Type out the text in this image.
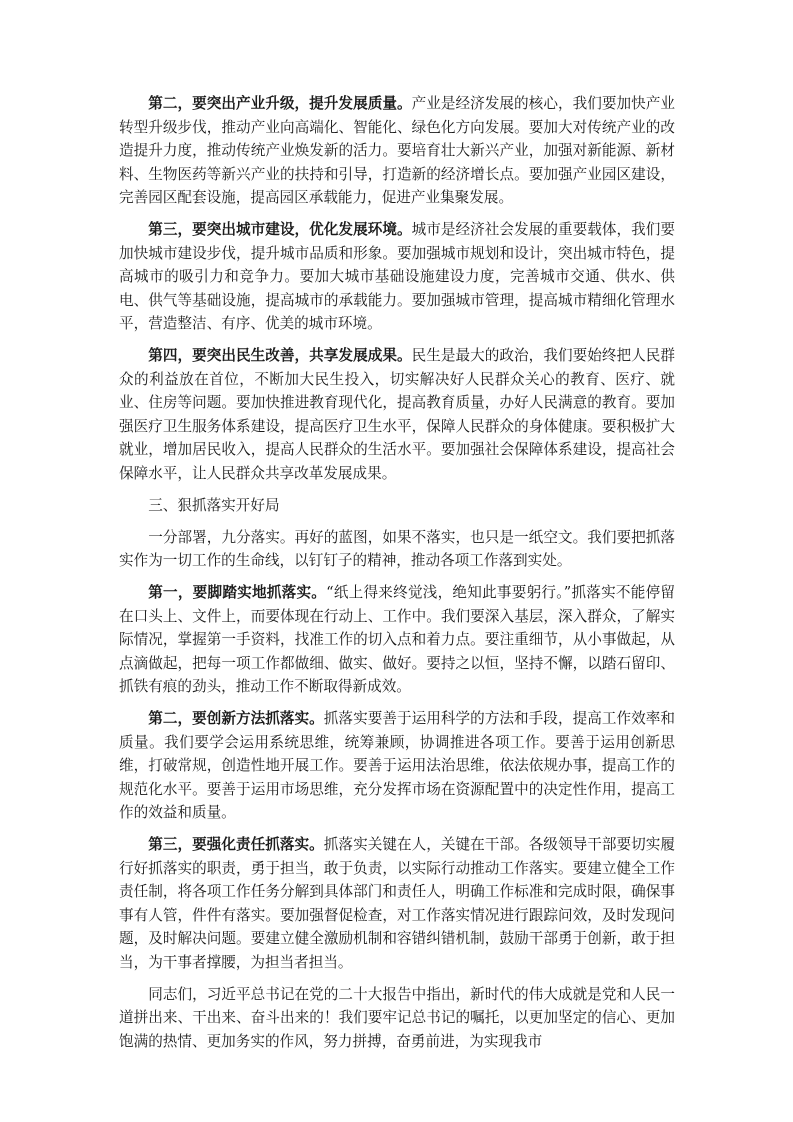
第二，要突出产业升级，提升发展质量。产业是经济发展的核心，我们要加快产业转型升级步伐，推动产业向高端化、智能化、绿色化方向发展。要加大对传统产业的改造提升力度，推动传统产业焕发新的活力。要培育壮大新兴产业，加强对新能源、新材料、生物医药等新兴产业的扶持和引导，打造新的经济增长点。要加强产业园区建设，完善园区配套设施，提高园区承载能力，促进产业集聚发展。

第三，要突出城市建设，优化发展环境。城市是经济社会发展的重要载体，我们要加快城市建设步伐，提升城市品质和形象。要加强城市规划和设计，突出城市特色，提高城市的吸引力和竞争力。要加大城市基础设施建设力度，完善城市交通、供水、供电、供气等基础设施，提高城市的承载能力。要加强城市管理，提高城市精细化管理水平，营造整洁、有序、优美的城市环境。

第四，要突出民生改善，共享发展成果。民生是最大的政治，我们要始终把人民群众的利益放在首位，不断加大民生投入，切实解决好人民群众关心的教育、医疗、就业、住房等问题。要加快推进教育现代化，提高教育质量，办好人民满意的教育。要加强医疗卫生服务体系建设，提高医疗卫生水平，保障人民群众的身体健康。要积极扩大就业，增加居民收入，提高人民群众的生活水平。要加强社会保障体系建设，提高社会保障水平，让人民群众共享改革发展成果。

三、狠抓落实开好局

一分部署，九分落实。再好的蓝图，如果不落实，也只是一纸空文。我们要把抓落实作为一切工作的生命线，以钉钉子的精神，推动各项工作落到实处。

第一，要脚踏实地抓落实。“纸上得来终觉浅，绝知此事要躬行。”抓落实不能停留在口头上、文件上，而要体现在行动上、工作中。我们要深入基层，深入群众，了解实际情况，掌握第一手资料，找准工作的切入点和着力点。要注重细节，从小事做起，从点滴做起，把每一项工作都做细、做实、做好。要持之以恒，坚持不懈，以踏石留印、抓铁有痕的劲头，推动工作不断取得新成效。

第二，要创新方法抓落实。抓落实要善于运用科学的方法和手段，提高工作效率和质量。我们要学会运用系统思维，统筹兼顾，协调推进各项工作。要善于运用创新思维，打破常规，创造性地开展工作。要善于运用法治思维，依法依规办事，提高工作的规范化水平。要善于运用市场思维，充分发挥市场在资源配置中的决定性作用，提高工作的效益和质量。

第三，要强化责任抓落实。抓落实关键在人，关键在干部。各级领导干部要切实履行好抓落实的职责，勇于担当，敢于负责，以实际行动推动工作落实。要建立健全工作责任制，将各项工作任务分解到具体部门和责任人，明确工作标准和完成时限，确保事事有人管，件件有落实。要加强督促检查，对工作落实情况进行跟踪问效，及时发现问题，及时解决问题。要建立健全激励机制和容错纠错机制，鼓励干部勇于创新，敢于担当，为干事者撑腰，为担当者担当。

同志们，习近平总书记在党的二十大报告中指出，新时代的伟大成就是党和人民一道拼出来、干出来、奋斗出来的！我们要牢记总书记的嘱托，以更加坚定的信心、更加饱满的热情、更加务实的作风，努力拼搏，奋勇前进，为实现我市
